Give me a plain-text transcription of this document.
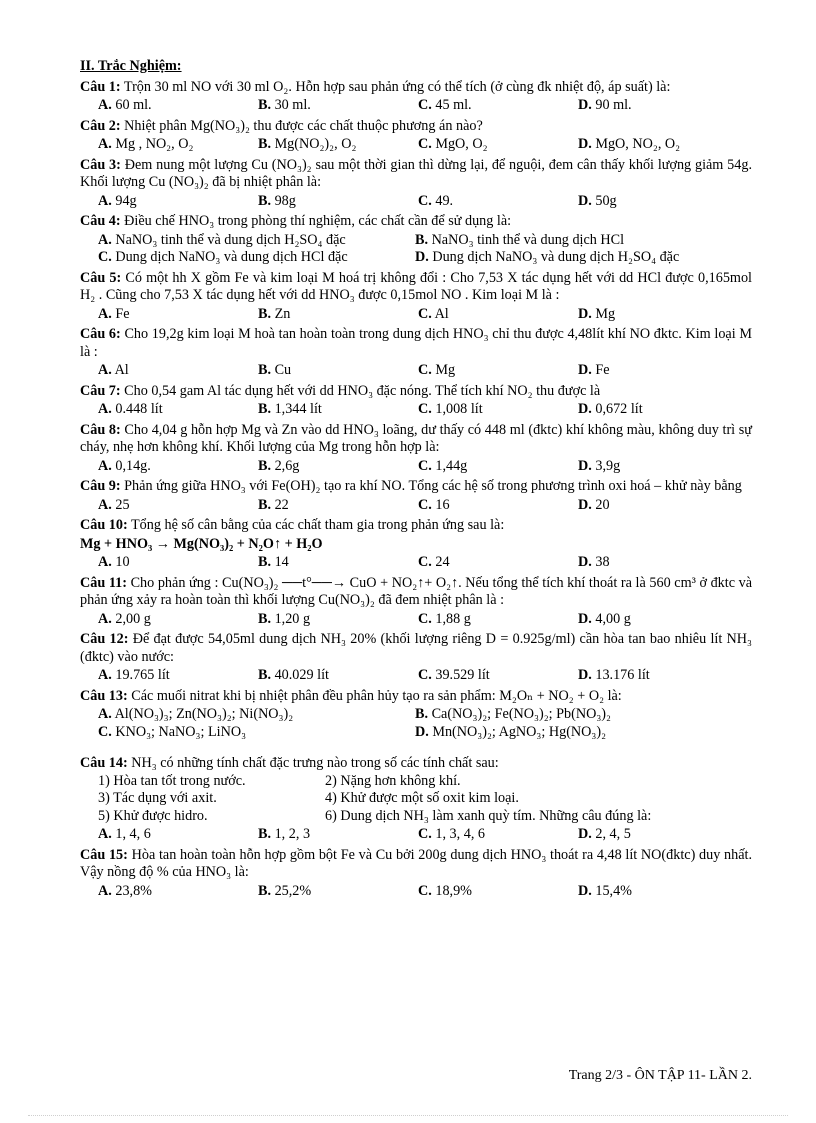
II. Trắc Nghiệm:
Câu 1: Trộn 30 ml NO với 30 ml O₂. Hỗn hợp sau phản ứng có thể tích (ở cùng đk nhiệt độ, áp suất) là:
A. 60 ml.	B. 30 ml.	C. 45 ml.	D. 90 ml.
Câu 2: Nhiệt phân Mg(NO₃)₂ thu được các chất thuộc phương án nào?
A. Mg , NO₂, O₂	B. Mg(NO₂)₂, O₂	C. MgO, O₂	D. MgO, NO₂, O₂
Câu 3: Đem nung một lượng Cu (NO₃)₂ sau một thời gian thì dừng lại, để nguội, đem cân thấy khối lượng giảm 54g. Khối lượng Cu (NO₃)₂ đã bị nhiệt phân là:
A. 94g	B. 98g	C. 49.	D. 50g
Câu 4: Điều chế HNO₃ trong phòng thí nghiệm, các chất cần để sử dụng là:
A. NaNO₃ tinh thể và dung dịch H₂SO₄ đặc	B. NaNO₃ tinh thể và dung dịch HCl
C. Dung dịch NaNO₃ và dung dịch HCl đặc	D. Dung dịch NaNO₃ và dung dịch H₂SO₄ đặc
Câu 5: Có một hh X gồm Fe và kim loại M hoá trị không đổi : Cho 7,53 X tác dụng hết với dd HCl được 0,165mol H₂ . Cũng cho 7,53 X tác dụng hết với dd HNO₃ được 0,15mol NO . Kim loại M là :
A. Fe	B. Zn	C. Al	D. Mg
Câu 6: Cho 19,2g kim loại M hoà tan hoàn toàn trong dung dịch HNO₃ chỉ thu được 4,48lít khí NO đktc. Kim loại M là :
A. Al	B. Cu	C. Mg	D. Fe
Câu 7: Cho 0,54 gam Al tác dụng hết với dd HNO₃ đặc nóng. Thể tích khí NO₂ thu được là
A. 0.448 lít	B. 1,344 lít	C. 1,008 lít	D. 0,672 lít
Câu 8: Cho 4,04 g hỗn hợp Mg và Zn vào dd HNO₃ loãng, dư thấy có 448 ml (đktc) khí không màu, không duy trì sự cháy, nhẹ hơn không khí. Khối lượng của Mg trong hỗn hợp là:
A. 0,14g.	B. 2,6g	C. 1,44g	D. 3,9g
Câu 9: Phản ứng giữa HNO₃ với Fe(OH)₂ tạo ra khí NO. Tổng các hệ số trong phương trình oxi hoá – khử này bằng
A. 25	B. 22	C. 16	D. 20
Câu 10: Tổng hệ số cân bằng của các chất tham gia trong phản ứng sau là:
Mg + HNO₃ → Mg(NO₃)₂ + N₂O↑ + H₂O
A. 10	B. 14	C. 24	D. 38
Câu 11: Cho phản ứng : Cu(NO₃)₂ ──t°──→ CuO + NO₂↑+ O₂↑. Nếu tổng thể tích khí thoát ra là 560 cm³ ở đktc và phản ứng xảy ra hoàn toàn thì khối lượng Cu(NO₃)₂ đã đem nhiệt phân là :
A. 2,00 g	B. 1,20 g	C. 1,88 g	D. 4,00 g
Câu 12: Để đạt được 54,05ml dung dịch NH₃ 20% (khối lượng riêng D = 0.925g/ml) cần hòa tan bao nhiêu lít NH₃ (đktc) vào nước:
A. 19.765 lít	B. 40.029 lít	C. 39.529 lít	D. 13.176 lít
Câu 13: Các muối nitrat khi bị nhiệt phân đều phân hủy tạo ra sản phẩm: M₂Oₙ + NO₂ + O₂ là:
A. Al(NO₃)₃; Zn(NO₃)₂; Ni(NO₃)₂	B. Ca(NO₃)₂; Fe(NO₃)₂; Pb(NO₃)₂
C. KNO₃; NaNO₃; LiNO₃	D. Mn(NO₃)₂; AgNO₃; Hg(NO₃)₂
Câu 14: NH₃ có những tính chất đặc trưng nào trong số các tính chất sau:
1) Hòa tan tốt trong nước.	2) Nặng hơn không khí.
3) Tác dụng với axit.	4) Khử được một số oxit kim loại.
5) Khử được hidro.	6) Dung dịch NH₃ làm xanh quỳ tím. Những câu đúng là:
A. 1, 4, 6	B. 1, 2, 3	C. 1, 3, 4, 6	D. 2, 4, 5
Câu 15: Hòa tan hoàn toàn hỗn hợp gồm bột Fe và Cu bởi 200g dung dịch HNO₃ thoát ra 4,48 lít NO(đktc) duy nhất. Vậy nồng độ % của HNO₃ là:
A. 23,8%	B. 25,2%	C. 18,9%	D. 15,4%
Trang 2/3 - ÔN TẬP 11- LẦN 2.
